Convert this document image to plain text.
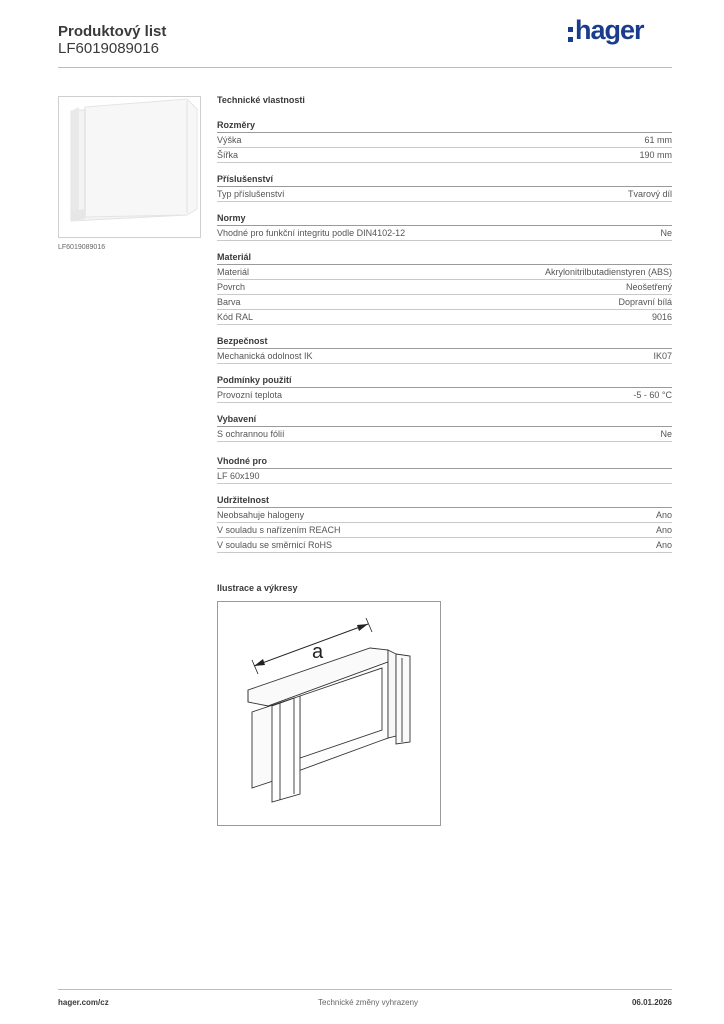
Produktový list
LF6019089016
hager
LF6019089016
Technické vlastnosti
Rozměry
Výška	61 mm
Šířka	190 mm
Příslušenství
Typ příslušenství	Tvarový díl
Normy
Vhodné pro funkční integritu podle DIN4102-12	Ne
Materiál
Materiál	Akrylonitrilbutadienstyren (ABS)
Povrch	Neošetřený
Barva	Dopravní bílá
Kód RAL	9016
Bezpečnost
Mechanická odolnost IK	IK07
Podmínky použití
Provozní teplota	-5 - 60 °C
Vybavení
S ochrannou fólií	Ne
Vhodné pro
LF 60x190
Udržitelnost
Neobsahuje halogeny	Ano
V souladu s nařízením REACH	Ano
V souladu se směrnicí RoHS	Ano
Ilustrace a výkresy
a
hager.com/cz	Technické změny vyhrazeny	06.01.2026
